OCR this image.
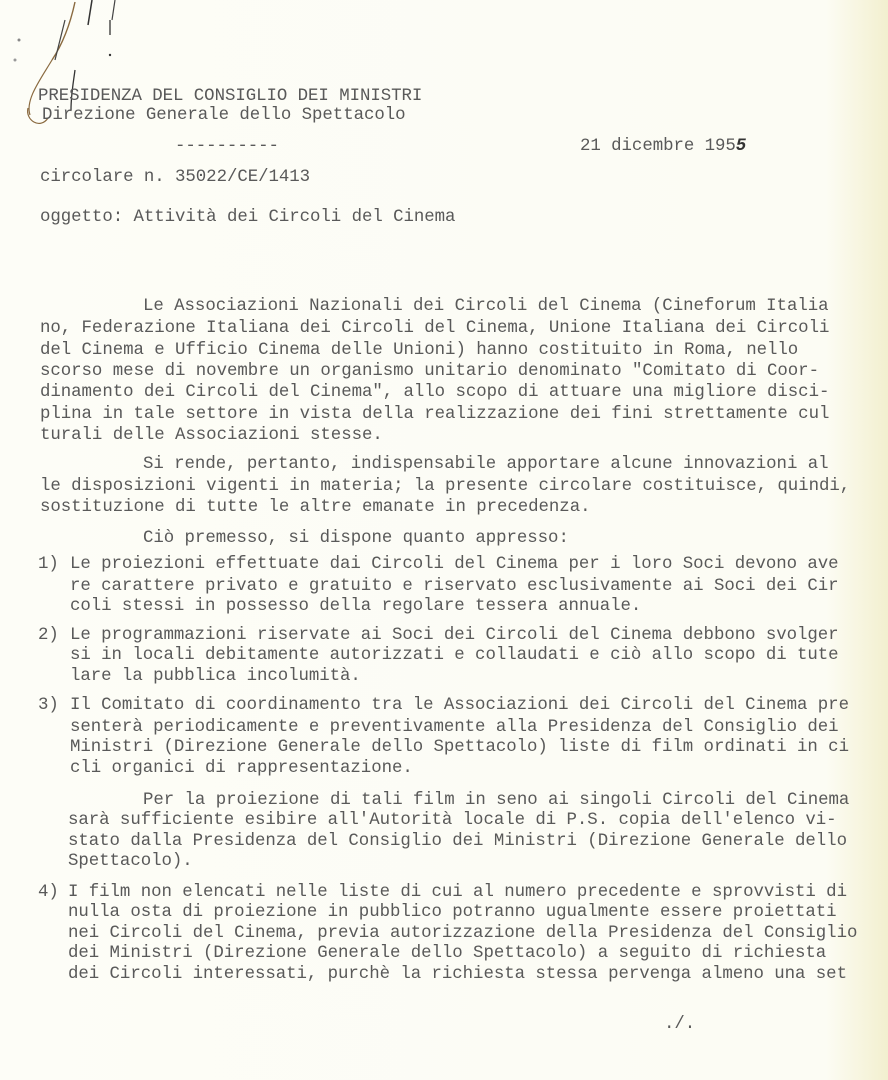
PRESIDENZA DEL CONSIGLIO DEI MINISTRI
Direzione Generale dello Spettacolo
----------	21 dicembre 1955
circolare n. 35022/CE/1413
oggetto: Attività dei Circoli del Cinema
Le Associazioni Nazionali dei Circoli del Cinema (Cineforum Italia
no, Federazione Italiana dei Circoli del Cinema, Unione Italiana dei Circoli
del Cinema e Ufficio Cinema delle Unioni) hanno costituito in Roma, nello
scorso mese di novembre un organismo unitario denominato "Comitato di Coor-
dinamento dei Circoli del Cinema", allo scopo di attuare una migliore disci-
plina in tale settore in vista della realizzazione dei fini strettamente cul
turali delle Associazioni stesse.
Si rende, pertanto, indispensabile apportare alcune innovazioni al
le disposizioni vigenti in materia; la presente circolare costituisce, quindi,
sostituzione di tutte le altre emanate in precedenza.
Ciò premesso, si dispone quanto appresso:
1) Le proiezioni effettuate dai Circoli del Cinema per i loro Soci devono ave
re carattere privato e gratuito e riservato esclusivamente ai Soci dei Cir
coli stessi in possesso della regolare tessera annuale.
2) Le programmazioni riservate ai Soci dei Circoli del Cinema debbono svolger
si in locali debitamente autorizzati e collaudati e ciò allo scopo di tute
lare la pubblica incolumità.
3) Il Comitato di coordinamento tra le Associazioni dei Circoli del Cinema pre
senterà periodicamente e preventivamente alla Presidenza del Consiglio dei
Ministri (Direzione Generale dello Spettacolo) liste di film ordinati in ci
cli organici di rappresentazione.
Per la proiezione di tali film in seno ai singoli Circoli del Cinema
sarà sufficiente esibire all'Autorità locale di P.S. copia dell'elenco vi-
stato dalla Presidenza del Consiglio dei Ministri (Direzione Generale dello
Spettacolo).
4) I film non elencati nelle liste di cui al numero precedente e sprovvisti di
nulla osta di proiezione in pubblico potranno ugualmente essere proiettati
nei Circoli del Cinema, previa autorizzazione della Presidenza del Consiglio
dei Ministri (Direzione Generale dello Spettacolo) a seguito di richiesta
dei Circoli interessati, purchè la richiesta stessa pervenga almeno una set
./.
